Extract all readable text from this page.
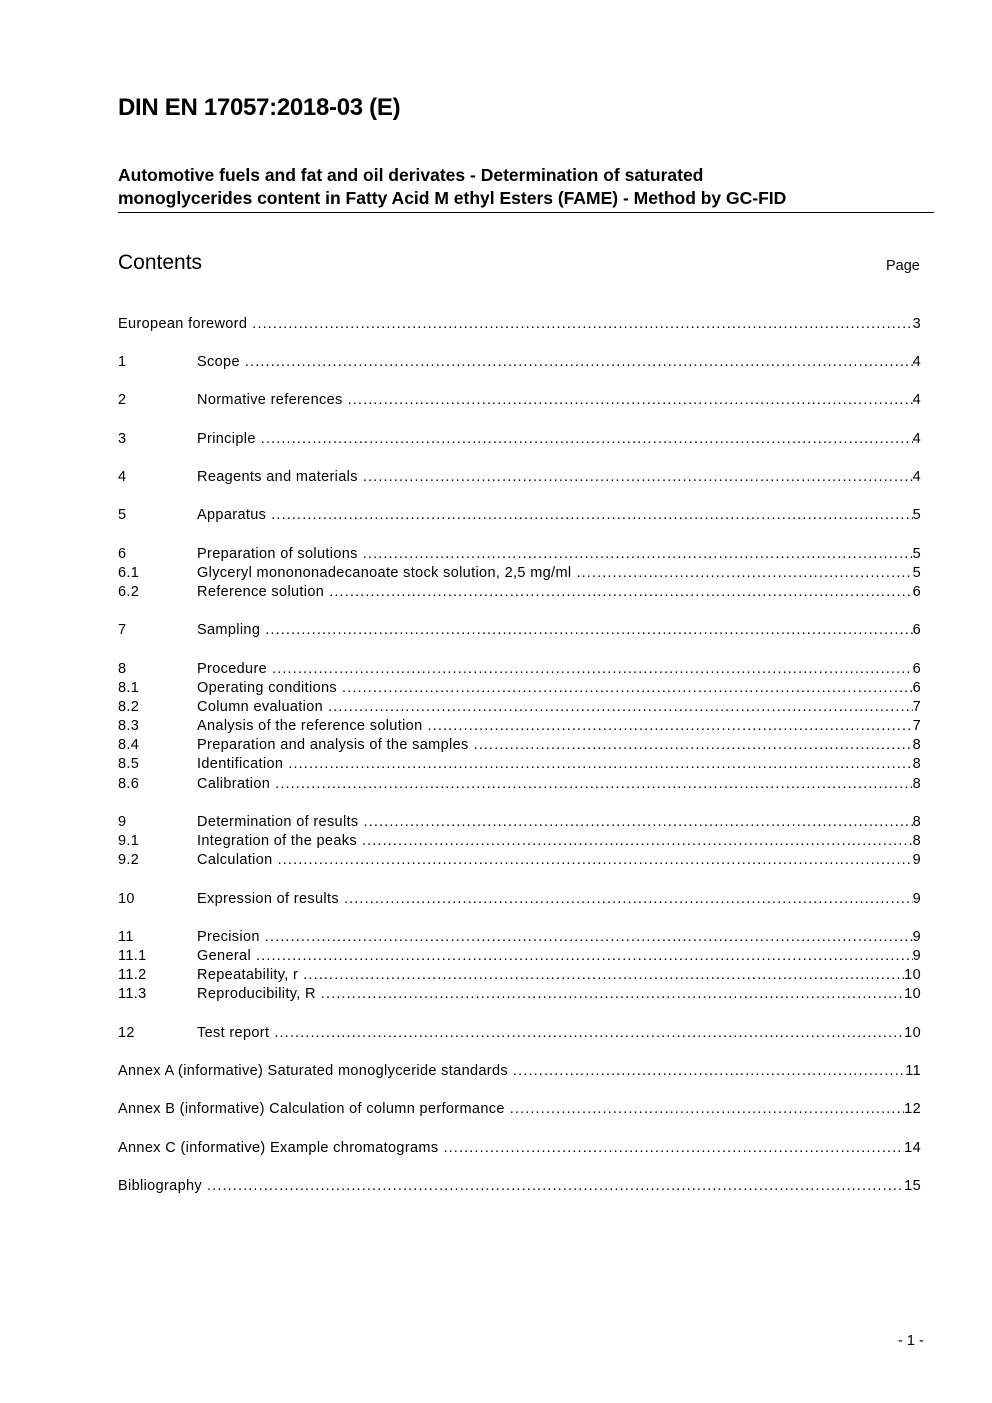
DIN EN 17057:2018-03 (E)
Automotive fuels and fat and oil derivates - Determination of saturated
monoglycerides content in Fatty Acid M ethyl Esters (FAME) - Method by GC-FID
Contents	Page
European foreword . . .	3
1	Scope . . .	4
2	Normative references . . .	4
3	Principle . . .	4
4	Reagents and materials . . .	4
5	Apparatus . . .	5
6	Preparation of solutions . . .	5
6.1	Glyceryl monononadecanoate stock solution, 2,5 mg/ml . . .	5
6.2	Reference solution . . .	6
7	Sampling . . .	6
8	Procedure . . .	6
8.1	Operating conditions . . .	6
8.2	Column evaluation . . .	7
8.3	Analysis of the reference solution . . .	7
8.4	Preparation and analysis of the samples . . .	8
8.5	Identification . . .	8
8.6	Calibration . . .	8
9	Determination of results . . .	8
9.1	Integration of the peaks . . .	8
9.2	Calculation . . .	9
10	Expression of results . . .	9
11	Precision . . .	9
11.1	General . . .	9
11.2	Repeatability, r . . .	10
11.3	Reproducibility, R . . .	10
12	Test report . . .	10
Annex A (informative) Saturated monoglyceride standards . . .	11
Annex B (informative) Calculation of column performance . . .	12
Annex C (informative) Example chromatograms . . .	14
Bibliography . . .	15
- 1 -
